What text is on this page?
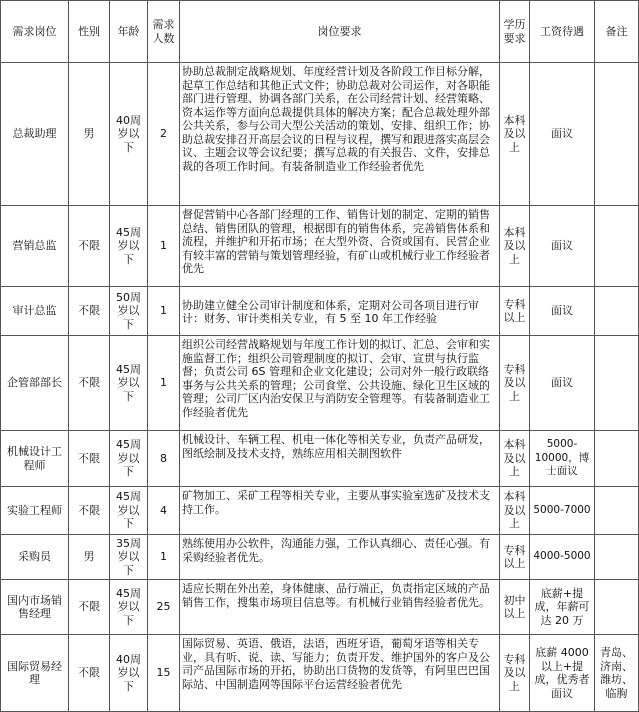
需求岗位	性别	年龄	需求人数	岗位要求	学历要求	工资待遇	备注
总裁助理	男	40周岁以下	2	协助总裁制定战略规划、年度经营计划及各阶段工作目标分解，起草工作总结和其他正式文件；协助总裁对公司运作，对各职能部门进行管理、协调各部门关系，在公司经营计划、经营策略、资本运作等方面向总裁提供具体的解决方案；配合总裁处理外部公共关系，参与公司大型公关活动的策划、安排、组织工作；协助总裁安排召开高层会议的日程与议程，撰写和跟进落实高层会议、主题会议等会议纪要；撰写总裁的有关报告、文件，安排总裁的各项工作时间。有装备制造业工作经验者优先	本科及以上	面议	
营销总监	不限	45周岁以下	1	督促营销中心各部门经理的工作、销售计划的制定、定期的销售总结、销售团队的管理，根据即有的销售体系，完善销售体系和流程，并维护和开拓市场；在大型外资、合资或国有、民营企业有较丰富的营销与策划管理经验，有矿山或机械行业工作经验者优先	本科及以上	面议	
审计总监	不限	50周岁以下	1	协助建立健全公司审计制度和体系，定期对公司各项目进行审计：财务、审计类相关专业，有 5 至 10 年工作经验	专科以上	面议	
企管部部长	不限	45周岁以下	1	组织公司经营战略规划与年度工作计划的拟订、汇总、会审和实施监督工作；组织公司管理制度的拟订、会审、宣贯与执行监督；负责公司 6S 管理和企业文化建设；公司对外一般行政联络事务与公共关系的管理；公司食堂、公共设施、绿化卫生区域的管理；公司厂区内治安保卫与消防安全管理等。有装备制造业工作经验者优先	专科及以上	面议	
机械设计工程师	不限	45周岁以下	8	机械设计、车辆工程、机电一体化等相关专业，负责产品研发，图纸绘制及技术支持，熟练应用相关制图软件	本科及以上	5000-10000，博士面议	
实验工程师	不限	45周岁以下	4	矿物加工、采矿工程等相关专业，主要从事实验室选矿及技术支持工作。	本科及以上	5000-7000	
采购员	男	35周岁以下	1	熟练使用办公软件，沟通能力强，工作认真细心、责任心强。有采购经验者优先。	专科以上	4000-5000	
国内市场销售经理	不限	45周岁以下	25	适应长期在外出差，身体健康、品行端正，负责指定区域的产品销售工作，搜集市场项目信息等。有机械行业销售经验者优先。	初中以上	底薪+提成，年薪可达 20 万	
国际贸易经理	不限	40周岁以下	15	国际贸易、英语、俄语，法语，西班牙语，葡萄牙语等相关专业，具有听、说、读、写能力；负责开发、维护国外的客户及公司产品国际市场的开拓，协助出口货物的发货等，有阿里巴巴国际站、中国制造网等国际平台运营经验者优先	专科及以上	底薪 4000 以上+提成，优秀者面议	青岛、济南、潍坊、临朐
